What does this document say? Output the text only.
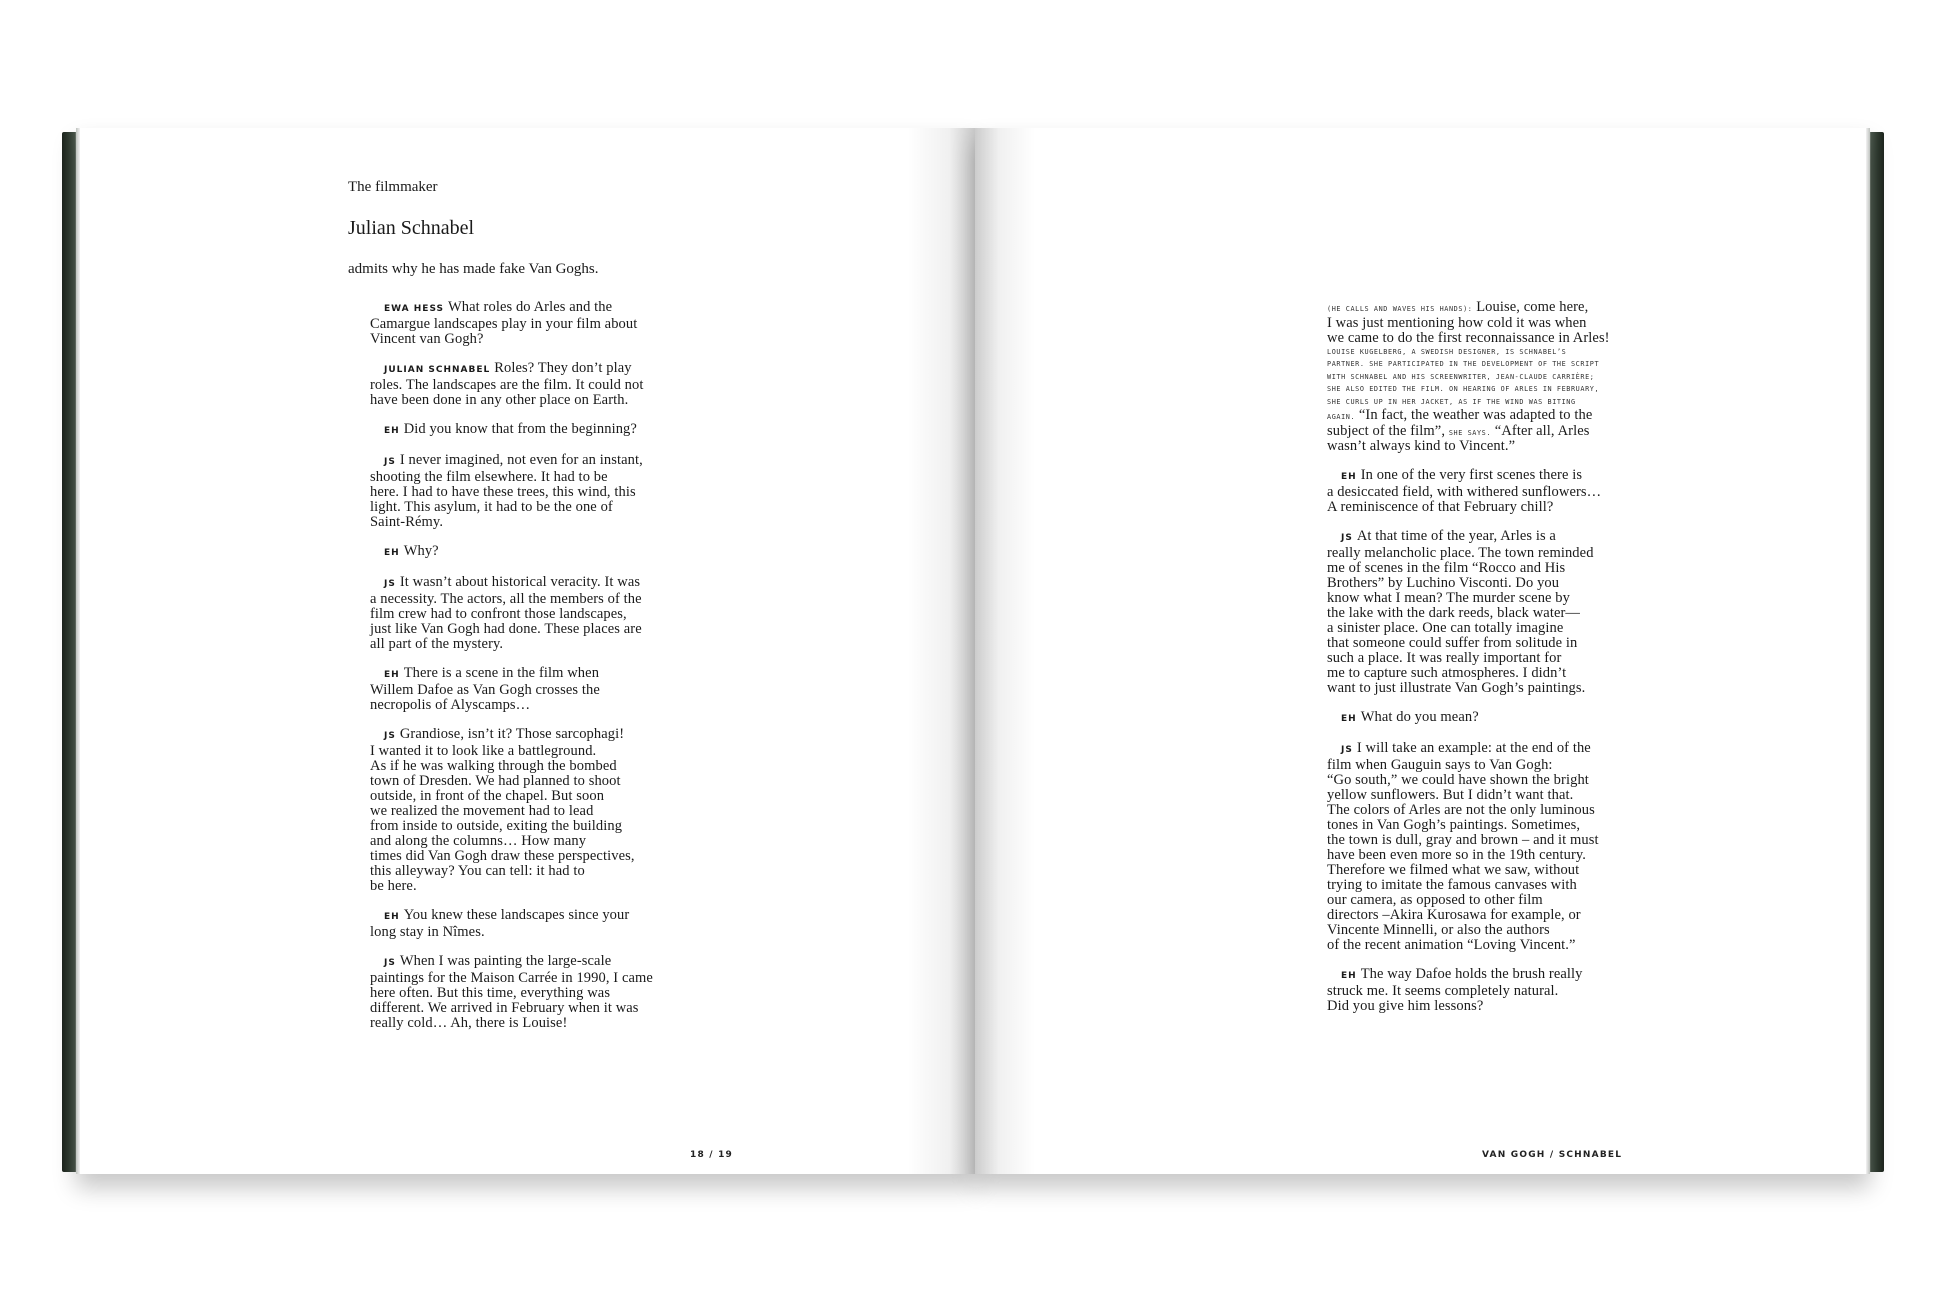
The filmmaker
Julian Schnabel
admits why he has made fake Van Goghs.

EWA HESS What roles do Arles and the

Camargue landscapes play in your film about

Vincent van Gogh?

JULIAN SCHNABEL Roles? They don’t play

roles. The landscapes are the film. It could not

have been done in any other place on Earth.

EH Did you know that from the beginning?

JS I never imagined, not even for an instant,

shooting the film elsewhere. It had to be

here. I had to have these trees, this wind, this

light. This asylum, it had to be the one of

Saint-Rémy.

EH Why?

JS It wasn’t about historical veracity. It was

a necessity. The actors, all the members of the

film crew had to confront those landscapes,

just like Van Gogh had done. These places are

all part of the mystery.

EH There is a scene in the film when

Willem Dafoe as Van Gogh crosses the

necropolis of Alyscamps…

JS Grandiose, isn’t it? Those sarcophagi!

I wanted it to look like a battleground.

As if he was walking through the bombed

town of Dresden. We had planned to shoot

outside, in front of the chapel. But soon

we realized the movement had to lead

from inside to outside, exiting the building

and along the columns… How many

times did Van Gogh draw these perspectives,

this alleyway? You can tell: it had to

be here.

EH You knew these landscapes since your

long stay in Nîmes.

JS When I was painting the large-scale

paintings for the Maison Carrée in 1990, I came

here often. But this time, everything was

different. We arrived in February when it was

really cold… Ah, there is Louise!

18 / 19

(HE CALLS AND WAVES HIS HANDS): Louise, come here,

I was just mentioning how cold it was when

we came to do the first reconnaissance in Arles!

LOUISE KUGELBERG, A SWEDISH DESIGNER, IS SCHNABEL’S
PARTNER. SHE PARTICIPATED IN THE DEVELOPMENT OF THE SCRIPT
WITH SCHNABEL AND HIS SCREENWRITER, JEAN-CLAUDE CARRIÈRE;
SHE ALSO EDITED THE FILM. ON HEARING OF ARLES IN FEBRUARY,
SHE CURLS UP IN HER JACKET, AS IF THE WIND WAS BITING

AGAIN. “In fact, the weather was adapted to the

subject of the film”, SHE SAYS. “After all, Arles

wasn’t always kind to Vincent.”

EH In one of the very first scenes there is

a desiccated field, with withered sunflowers…

A reminiscence of that February chill?

JS At that time of the year, Arles is a

really melancholic place. The town reminded

me of scenes in the film “Rocco and His

Brothers” by Luchino Visconti. Do you

know what I mean? The murder scene by

the lake with the dark reeds, black water—

a sinister place. One can totally imagine

that someone could suffer from solitude in

such a place. It was really important for

me to capture such atmospheres. I didn’t

want to just illustrate Van Gogh’s paintings.

EH What do you mean?

JS I will take an example: at the end of the

film when Gauguin says to Van Gogh:

“Go south,” we could have shown the bright

yellow sunflowers. But I didn’t want that.

The colors of Arles are not the only luminous

tones in Van Gogh’s paintings. Sometimes,

the town is dull, gray and brown – and it must

have been even more so in the 19th century.

Therefore we filmed what we saw, without

trying to imitate the famous canvases with

our camera, as opposed to other film

directors –Akira Kurosawa for example, or

Vincente Minnelli, or also the authors

of the recent animation “Loving Vincent.”

EH The way Dafoe holds the brush really

struck me. It seems completely natural.

Did you give him lessons?

VAN GOGH / SCHNABEL
